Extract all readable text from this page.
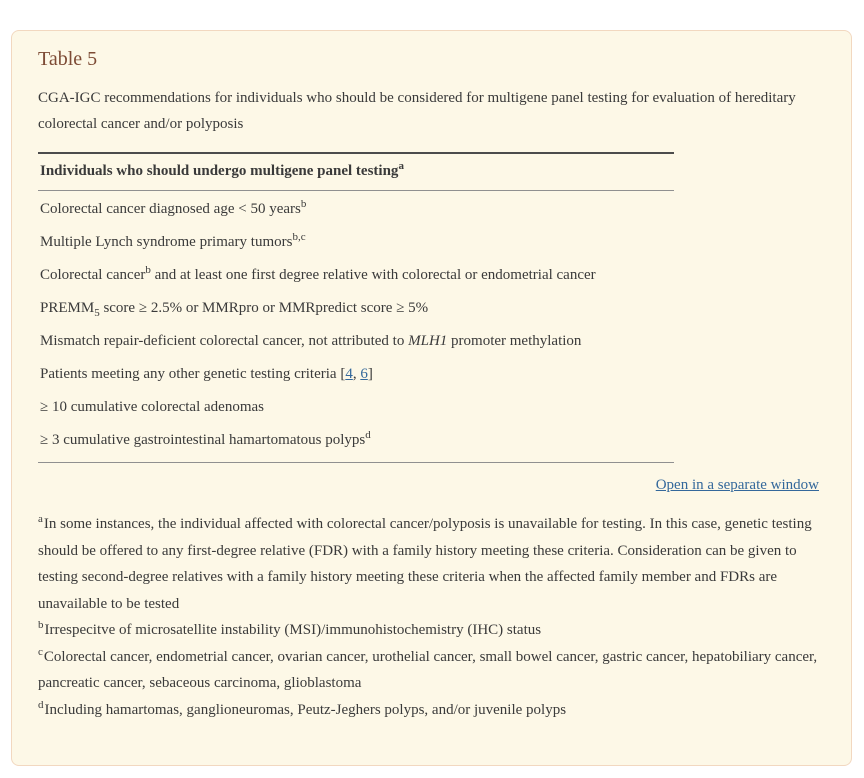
Table 5

CGA-IGC recommendations for individuals who should be considered for multigene panel testing for evaluation of hereditary colorectal cancer and/or polyposis

Individuals who should undergo multigene panel testing$^a$
Colorectal cancer diagnosed age < 50 years$^b$
Multiple Lynch syndrome primary tumors$^{b,c}$
Colorectal cancer$^b$ and at least one first degree relative with colorectal or endometrial cancer
$PREMM_5$ score ≥ 2.5% or MMRpro or MMRpredict score ≥ 5%
Mismatch repair-deficient colorectal cancer, not attributed to MLH1 promoter methylation
Patients meeting any other genetic testing criteria [4, 6]
≥ 10 cumulative colorectal adenomas
≥ 3 cumulative gastrointestinal hamartomatous polyps$^d$
Open in a separate window
$^a$In some instances, the individual affected with colorectal cancer/polyposis is unavailable for testing. In this case, genetic testing should be offered to any first-degree relative (FDR) with a family history meeting these criteria. Consideration can be given to testing second-degree relatives with a family history meeting these criteria when the affected family member and FDRs are unavailable to be tested
$^b$Irrespecitve of microsatellite instability (MSI)/immunohistochemistry (IHC) status
$^c$Colorectal cancer, endometrial cancer, ovarian cancer, urothelial cancer, small bowel cancer, gastric cancer, hepatobiliary cancer, pancreatic cancer, sebaceous carcinoma, glioblastoma
$^d$Including hamartomas, ganglioneuromas, Peutz-Jeghers polyps, and/or juvenile polyps
